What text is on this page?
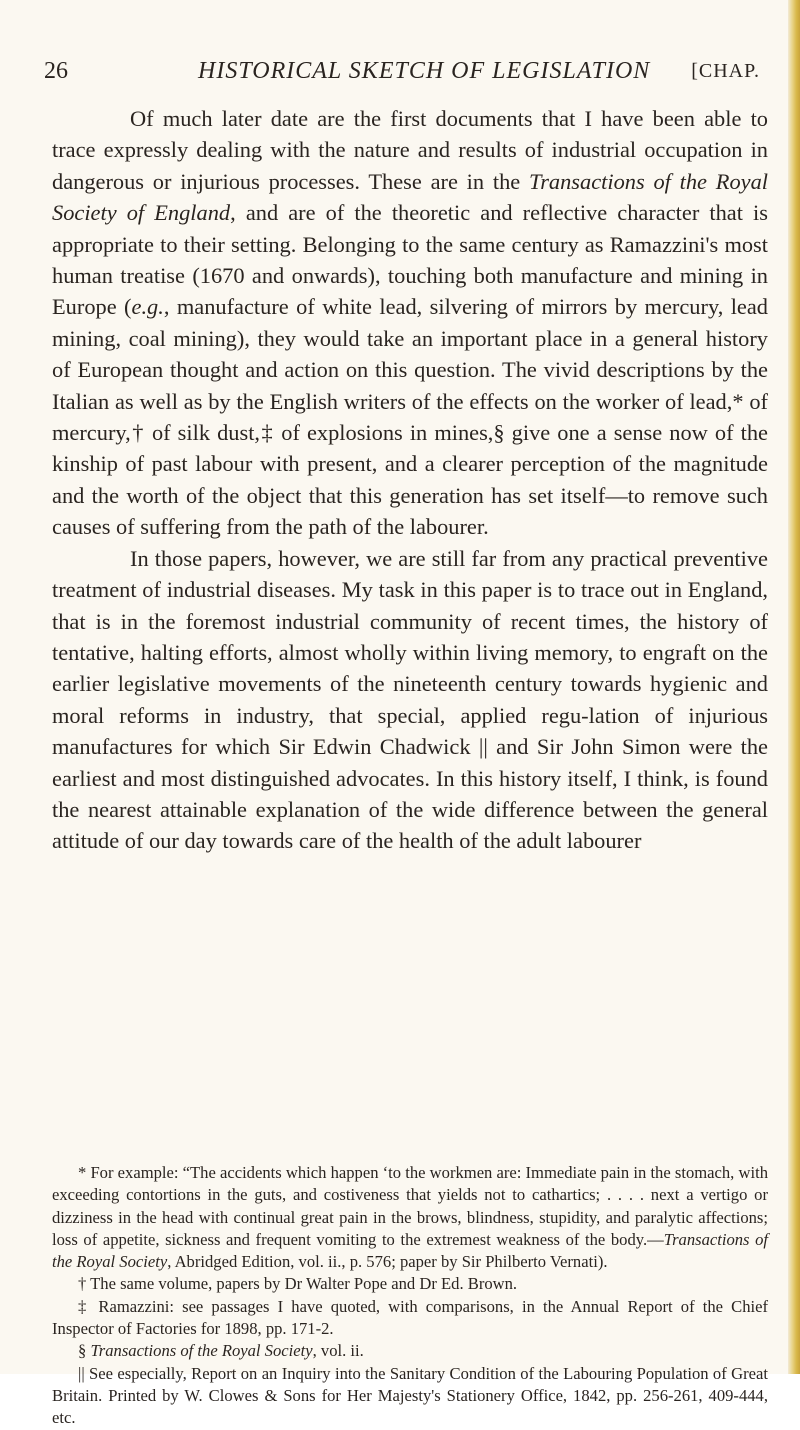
26	HISTORICAL SKETCH OF LEGISLATION [CHAP.

Of much later date are the first documents that I have been able to trace expressly dealing with the nature and results of industrial occupation in dangerous or injurious processes. These are in the Transactions of the Royal Society of England, and are of the theoretic and reflective character that is appropriate to their setting. Belonging to the same century as Ramazzini's most human treatise (1670 and onwards), touching both manufacture and mining in Europe (e.g., manufacture of white lead, silvering of mirrors by mercury, lead mining, coal mining), they would take an important place in a general history of European thought and action on this question. The vivid descriptions by the Italian as well as by the English writers of the effects on the worker of lead,* of mercury,† of silk dust,‡ of explosions in mines,§ give one a sense now of the kinship of past labour with present, and a clearer perception of the magnitude and the worth of the object that this generation has set itself—to remove such causes of suffering from the path of the labourer.

In those papers, however, we are still far from any practical preventive treatment of industrial diseases. My task in this paper is to trace out in England, that is in the foremost industrial community of recent times, the history of tentative, halting efforts, almost wholly within living memory, to engraft on the earlier legislative movements of the nineteenth century towards hygienic and moral reforms in industry, that special, applied regu-lation of injurious manufactures for which Sir Edwin Chadwick || and Sir John Simon were the earliest and most distinguished advocates. In this history itself, I think, is found the nearest attainable explanation of the wide difference between the general attitude of our day towards care of the health of the adult labourer

* For example: “The accidents which happen ‘to the workmen are: Immediate pain in the stomach, with exceeding contortions in the guts, and costiveness that yields not to cathartics; . . . . next a vertigo or dizziness in the head with continual great pain in the brows, blindness, stupidity, and paralytic affections; loss of appetite, sickness and frequent vomiting to the extremest weakness of the body.—Transactions of the Royal Society, Abridged Edition, vol. ii., p. 576; paper by Sir Philberto Vernati).

† The same volume, papers by Dr Walter Pope and Dr Ed. Brown.

‡ Ramazzini: see passages I have quoted, with comparisons, in the Annual Report of the Chief Inspector of Factories for 1898, pp. 171-2.

§ Transactions of the Royal Society, vol. ii.

|| See especially, Report on an Inquiry into the Sanitary Condition of the Labouring Population of Great Britain. Printed by W. Clowes & Sons for Her Majesty's Stationery Office, 1842, pp. 256-261, 409-444, etc.
